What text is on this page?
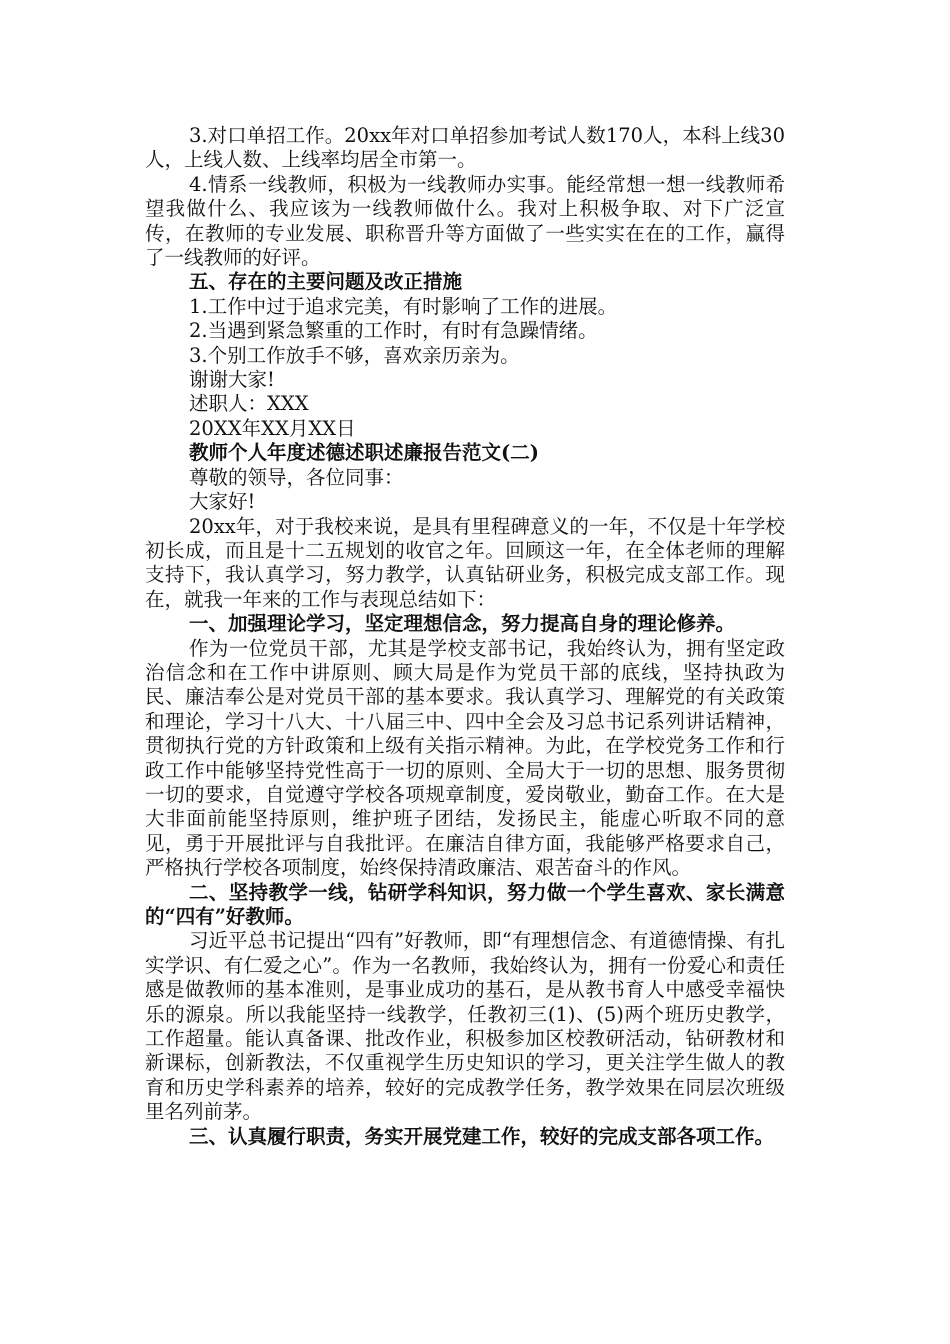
3.对口单招工作。20xx年对口单招参加考试人数170人，本科上线30人，上线人数、上线率均居全市第一。

4.情系一线教师，积极为一线教师办实事。能经常想一想一线教师希望我做什么、我应该为一线教师做什么。我对上积极争取、对下广泛宣传，在教师的专业发展、职称晋升等方面做了一些实实在在的工作，赢得了一线教师的好评。

五、存在的主要问题及改正措施

1.工作中过于追求完美，有时影响了工作的进展。

2.当遇到紧急繁重的工作时，有时有急躁情绪。

3.个别工作放手不够，喜欢亲历亲为。

谢谢大家!

述职人：XXX

20XX年XX月XX日

教师个人年度述德述职述廉报告范文(二)

尊敬的领导，各位同事：

大家好!

20xx年，对于我校来说，是具有里程碑意义的一年，不仅是十年学校初长成，而且是十二五规划的收官之年。回顾这一年，在全体老师的理解支持下，我认真学习，努力教学，认真钻研业务，积极完成支部工作。现在，就我一年来的工作与表现总结如下：

一、加强理论学习，坚定理想信念，努力提高自身的理论修养。

作为一位党员干部，尤其是学校支部书记，我始终认为，拥有坚定政治信念和在工作中讲原则、顾大局是作为党员干部的底线，坚持执政为民、廉洁奉公是对党员干部的基本要求。我认真学习、理解党的有关政策和理论，学习十八大、十八届三中、四中全会及习总书记系列讲话精神，贯彻执行党的方针政策和上级有关指示精神。为此，在学校党务工作和行政工作中能够坚持党性高于一切的原则、全局大于一切的思想、服务贯彻一切的要求，自觉遵守学校各项规章制度，爱岗敬业，勤奋工作。在大是大非面前能坚持原则，维护班子团结，发扬民主，能虚心听取不同的意见，勇于开展批评与自我批评。在廉洁自律方面，我能够严格要求自己，严格执行学校各项制度，始终保持清政廉洁、艰苦奋斗的作风。

二、坚持教学一线，钻研学科知识，努力做一个学生喜欢、家长满意的“四有”好教师。

习近平总书记提出“四有”好教师，即“有理想信念、有道德情操、有扎实学识、有仁爱之心”。作为一名教师，我始终认为，拥有一份爱心和责任感是做教师的基本准则，是事业成功的基石，是从教书育人中感受幸福快乐的源泉。所以我能坚持一线教学，任教初三(1)、(5)两个班历史教学，工作超量。能认真备课、批改作业，积极参加区校教研活动，钻研教材和新课标，创新教法，不仅重视学生历史知识的学习，更关注学生做人的教育和历史学科素养的培养，较好的完成教学任务，教学效果在同层次班级里名列前茅。

三、认真履行职责，务实开展党建工作，较好的完成支部各项工作。
